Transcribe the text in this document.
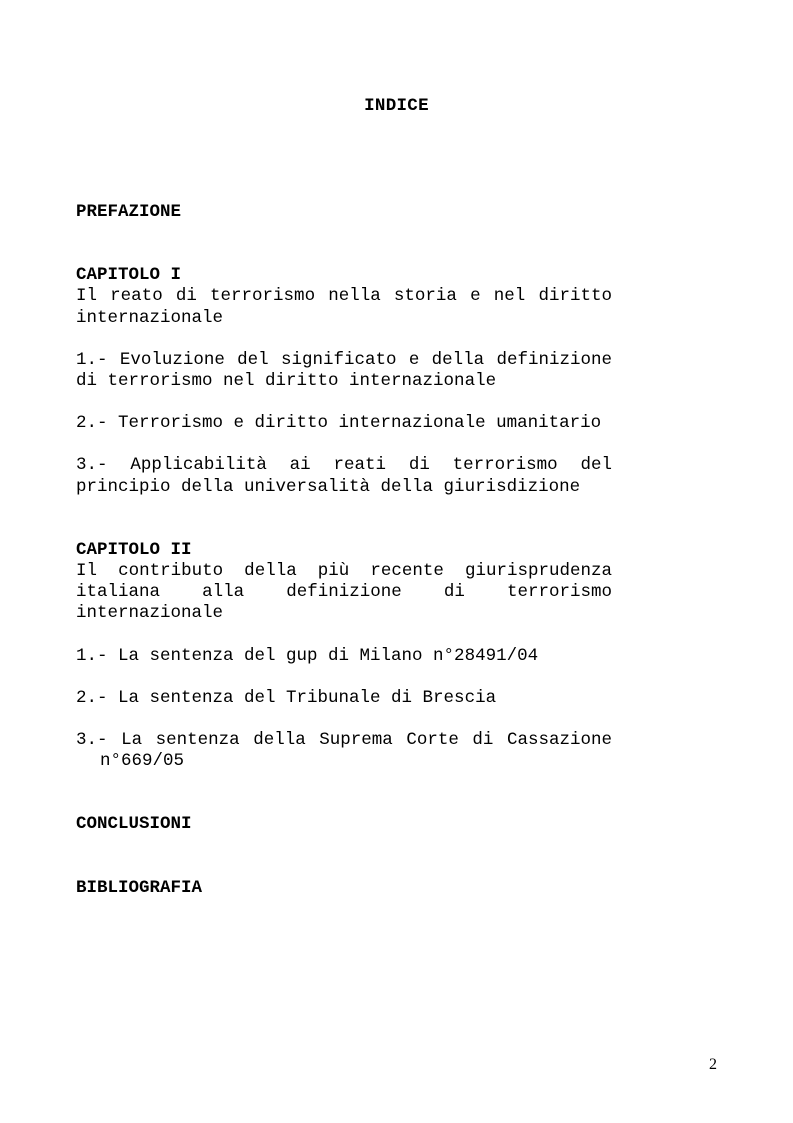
INDICE
PREFAZIONE
CAPITOLO I
Il reato di terrorismo nella storia e nel diritto internazionale
1.- Evoluzione del significato e della definizione di terrorismo nel diritto internazionale
2.- Terrorismo e diritto internazionale umanitario
3.- Applicabilità ai reati di terrorismo del principio della universalità della giurisdizione
CAPITOLO II
Il contributo della più recente giurisprudenza italiana alla definizione di terrorismo internazionale
1.- La sentenza del gup di Milano n°28491/04
2.- La sentenza del Tribunale di Brescia
3.- La sentenza della Suprema Corte di Cassazione n°669/05
CONCLUSIONI
BIBLIOGRAFIA
2
